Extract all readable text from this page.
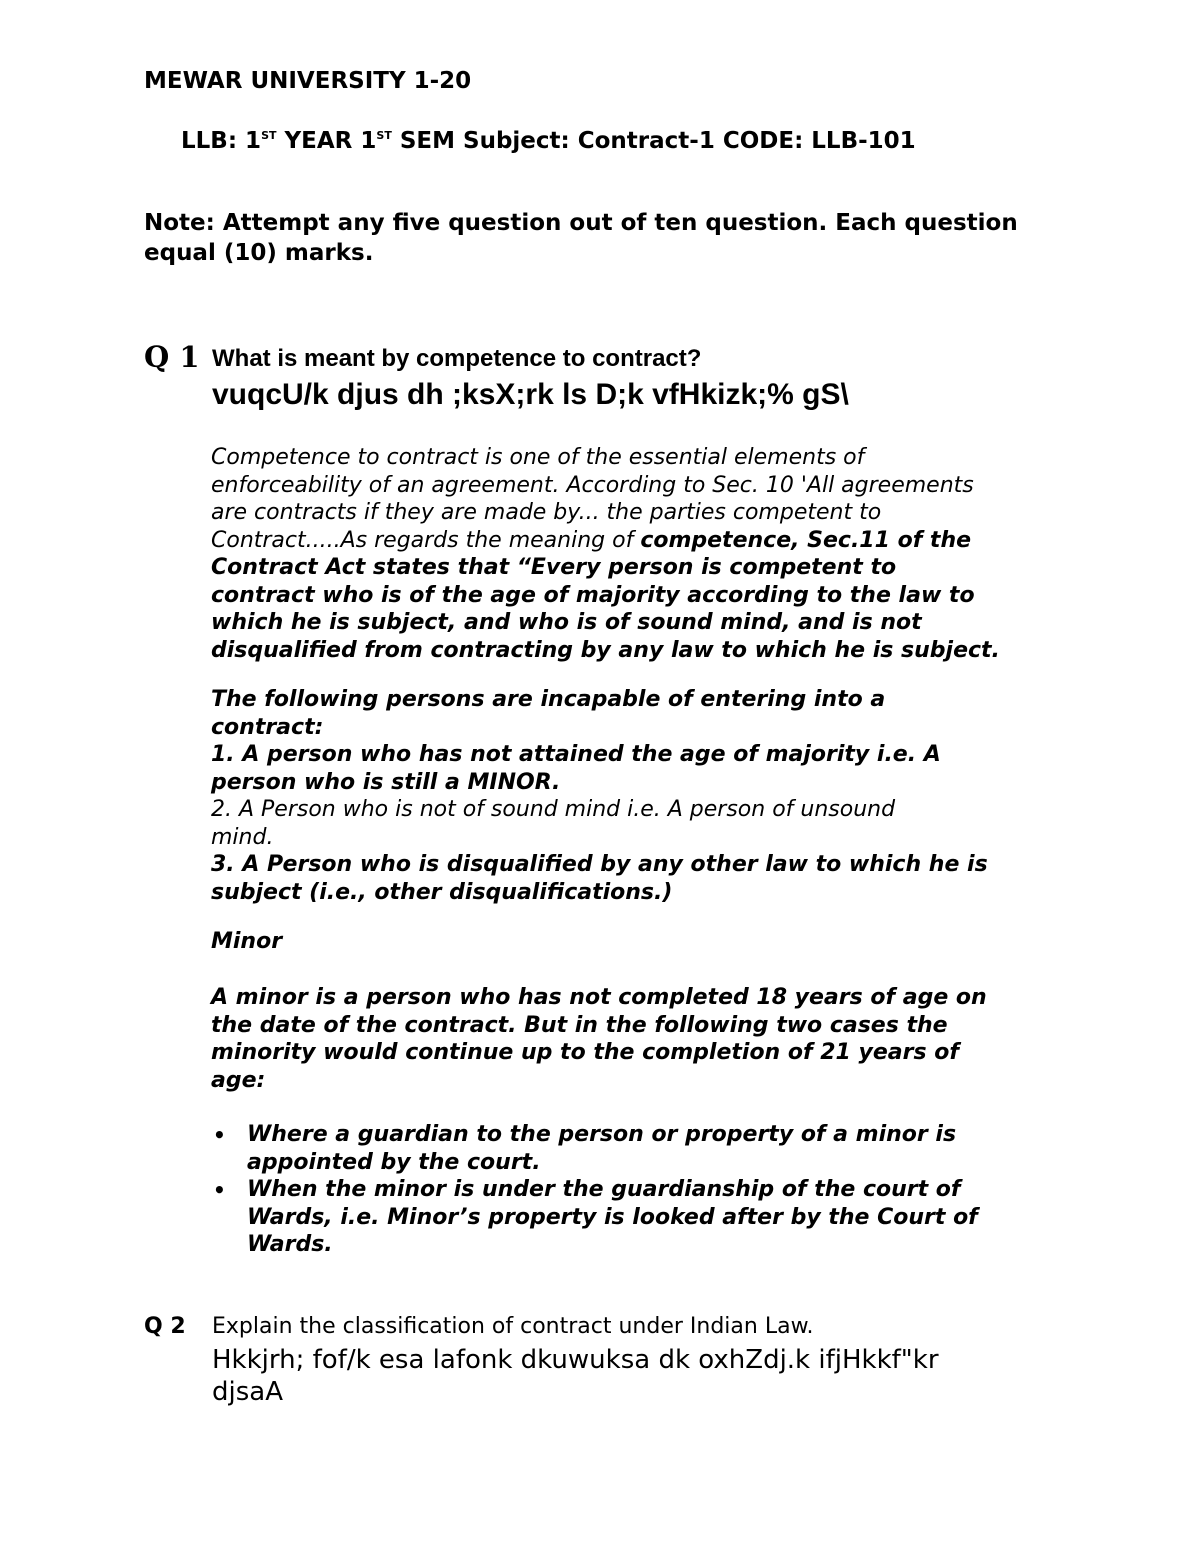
MEWAR UNIVERSITY 1-20
LLB: 1ST YEAR 1ST SEM Subject: Contract-1 CODE: LLB-101
Note: Attempt any five question out of ten question. Each question
equal (10) marks.
Q 1 What is meant by competence to contract?
vuqcU/k djus dh ;ksX;rk ls D;k vfHkizk;% gS\
Competence to contract is one of the essential elements of
enforceability of an agreement. According to Sec. 10 'All agreements
are contracts if they are made by... the parties competent to
Contract.....As regards the meaning of competence, Sec.11 of the
Contract Act states that “Every person is competent to
contract who is of the age of majority according to the law to
which he is subject, and who is of sound mind, and is not
disqualified from contracting by any law to which he is subject.
The following persons are incapable of entering into a
contract:
1. A person who has not attained the age of majority i.e. A
person who is still a MINOR.
2. A Person who is not of sound mind i.e. A person of unsound
mind.
3. A Person who is disqualified by any other law to which he is
subject (i.e., other disqualifications.)
Minor
A minor is a person who has not completed 18 years of age on
the date of the contract. But in the following two cases the
minority would continue up to the completion of 21 years of
age:
• Where a guardian to the person or property of a minor is
appointed by the court.
• When the minor is under the guardianship of the court of
Wards, i.e. Minor’s property is looked after by the Court of
Wards.
Q 2 Explain the classification of contract under Indian Law.
Hkkjrh; fof/k esa lafonk dkuwuksa dk oxhZdj.k ifjHkkf"kr
djsaA
